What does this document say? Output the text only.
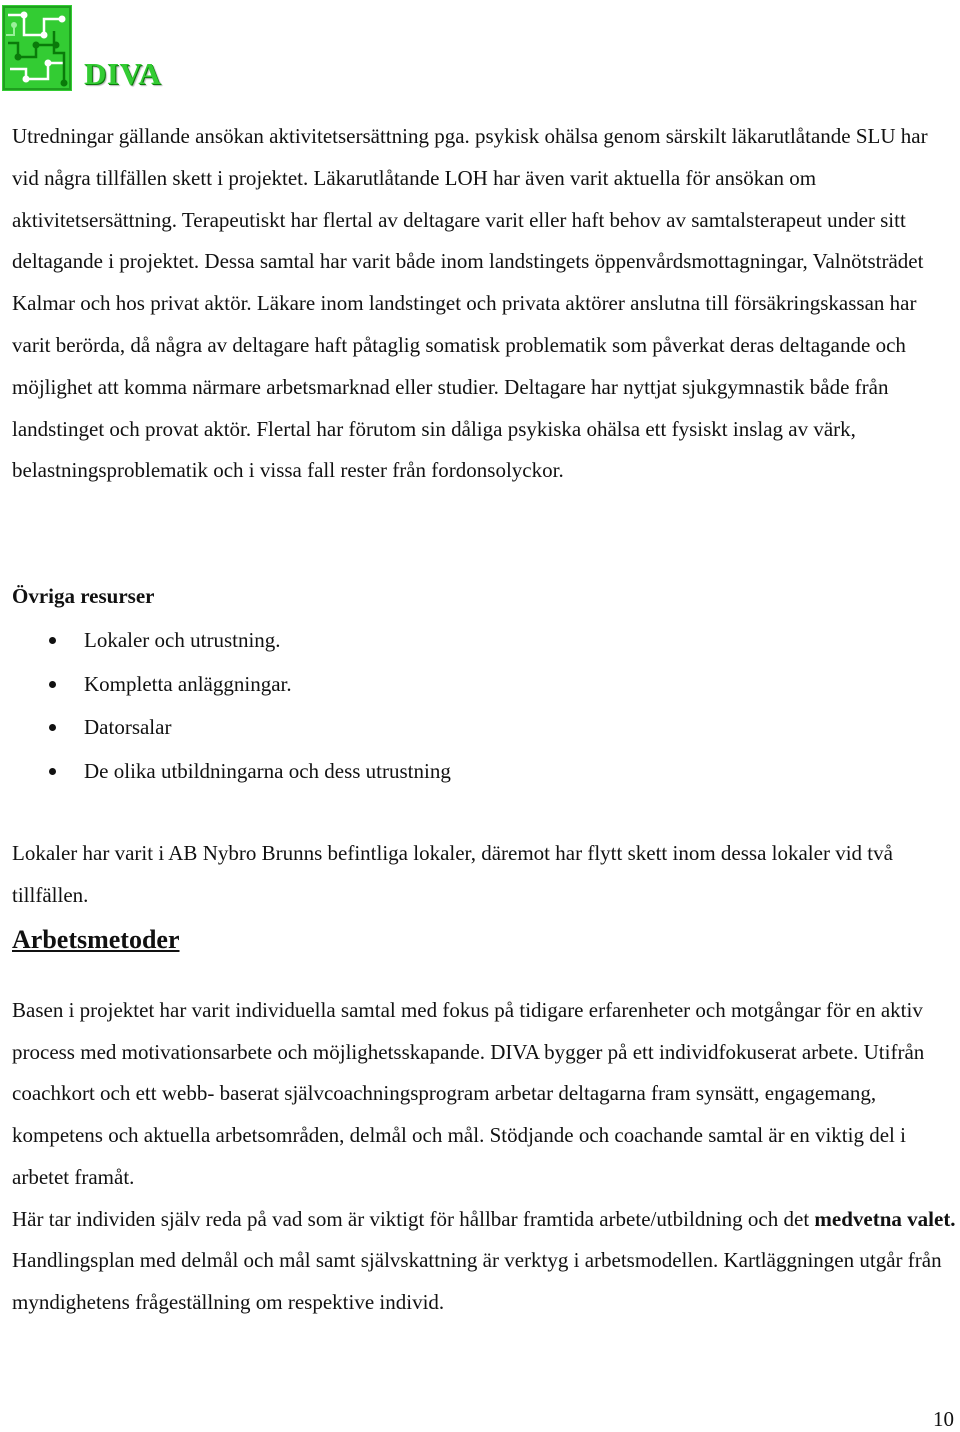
DIVA

Utredningar gällande ansökan aktivitetsersättning pga. psykisk ohälsa genom särskilt läkarutlåtande SLU har vid några tillfällen skett i projektet. Läkarutlåtande LOH har även varit aktuella för ansökan om aktivitetsersättning. Terapeutiskt har flertal av deltagare varit eller haft behov av samtalsterapeut under sitt deltagande i projektet. Dessa samtal har varit både inom landstingets öppenvårdsmottagningar, Valnötsträdet Kalmar och hos privat aktör. Läkare inom landstinget och privata aktörer anslutna till försäkringskassan har varit berörda, då några av deltagare haft påtaglig somatisk problematik som påverkat deras deltagande och möjlighet att komma närmare arbetsmarknad eller studier. Deltagare har nyttjat sjukgymnastik både från landstinget och provat aktör. Flertal har förutom sin dåliga psykiska ohälsa ett fysiskt inslag av värk, belastningsproblematik och i vissa fall rester från fordonsolyckor.

Övriga resurser

Lokaler och utrustning.
Kompletta anläggningar.
Datorsalar
De olika utbildningarna och dess utrustning

Lokaler har varit i AB Nybro Brunns befintliga lokaler, däremot har flytt skett inom dessa lokaler vid två tillfällen.

Arbetsmetoder
Basen i projektet har varit individuella samtal med fokus på tidigare erfarenheter och motgångar för en aktiv process med motivationsarbete och möjlighetsskapande. DIVA bygger på ett individfokuserat arbete. Utifrån coachkort och ett webb- baserat självcoachningsprogram arbetar deltagarna fram synsätt, engagemang, kompetens och aktuella arbetsområden, delmål och mål. Stödjande och coachande samtal är en viktig del i arbetet framåt.
Här tar individen själv reda på vad som är viktigt för hållbar framtida arbete/utbildning och det medvetna valet. Handlingsplan med delmål och mål samt självskattning är verktyg i arbetsmodellen. Kartläggningen utgår från myndighetens frågeställning om respektive individ.
10
